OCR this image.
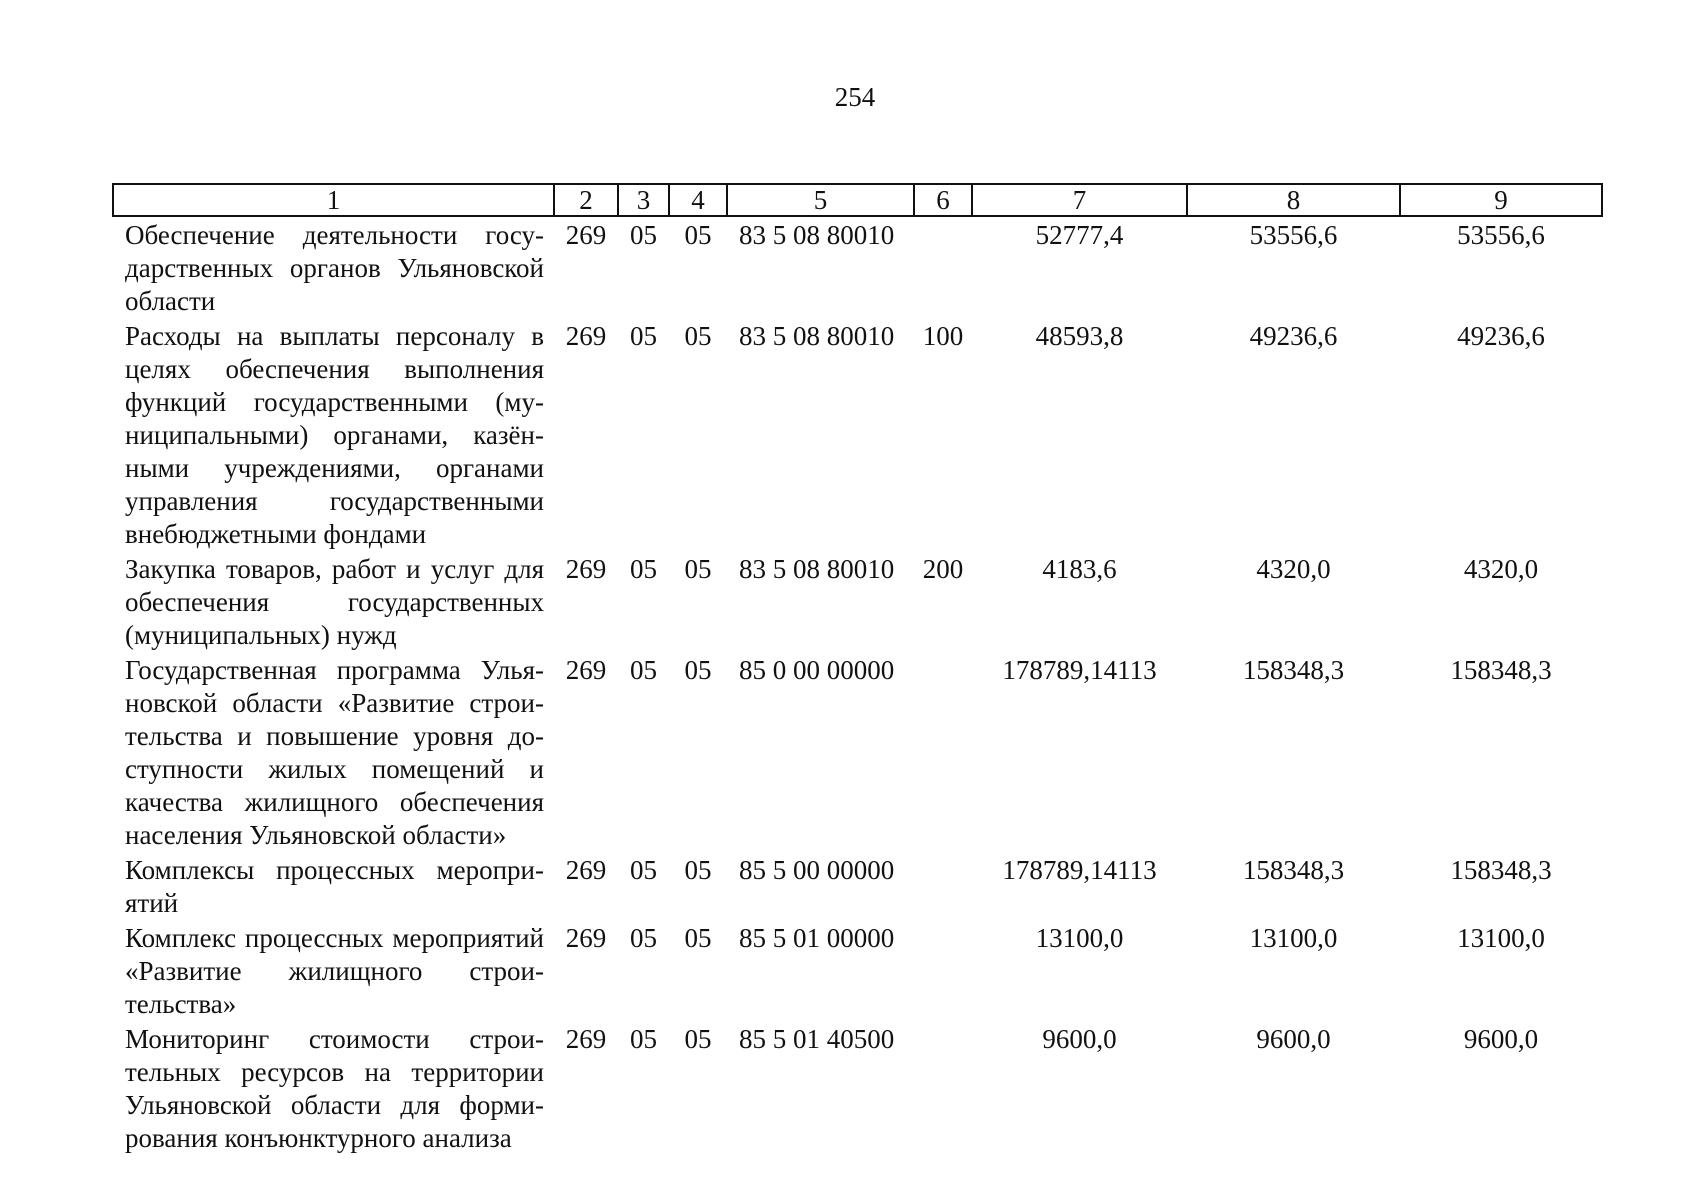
254
1	2	3	4	5	6	7	8	9
Обеспечение деятельности государственных органов Ульяновской области	269	05	05	83 5 08 80010		52777,4	53556,6	53556,6
Расходы на выплаты персоналу в целях обеспечения выполнения функций государственными (муниципальными) органами, казёнными учреждениями, органами управления государственными внебюджетными фондами	269	05	05	83 5 08 80010	100	48593,8	49236,6	49236,6
Закупка товаров, работ и услуг для обеспечения государственных (муниципальных) нужд	269	05	05	83 5 08 80010	200	4183,6	4320,0	4320,0
Государственная программа Ульяновской области «Развитие строительства и повышение уровня доступности жилых помещений и качества жилищного обеспечения населения Ульяновской области»	269	05	05	85 0 00 00000		178789,14113	158348,3	158348,3
Комплексы процессных мероприятий	269	05	05	85 5 00 00000		178789,14113	158348,3	158348,3
Комплекс процессных мероприятий «Развитие жилищного строительства»	269	05	05	85 5 01 00000		13100,0	13100,0	13100,0
Мониторинг стоимости строительных ресурсов на территории Ульяновской области для формирования конъюнктурного анализа	269	05	05	85 5 01 40500		9600,0	9600,0	9600,0
